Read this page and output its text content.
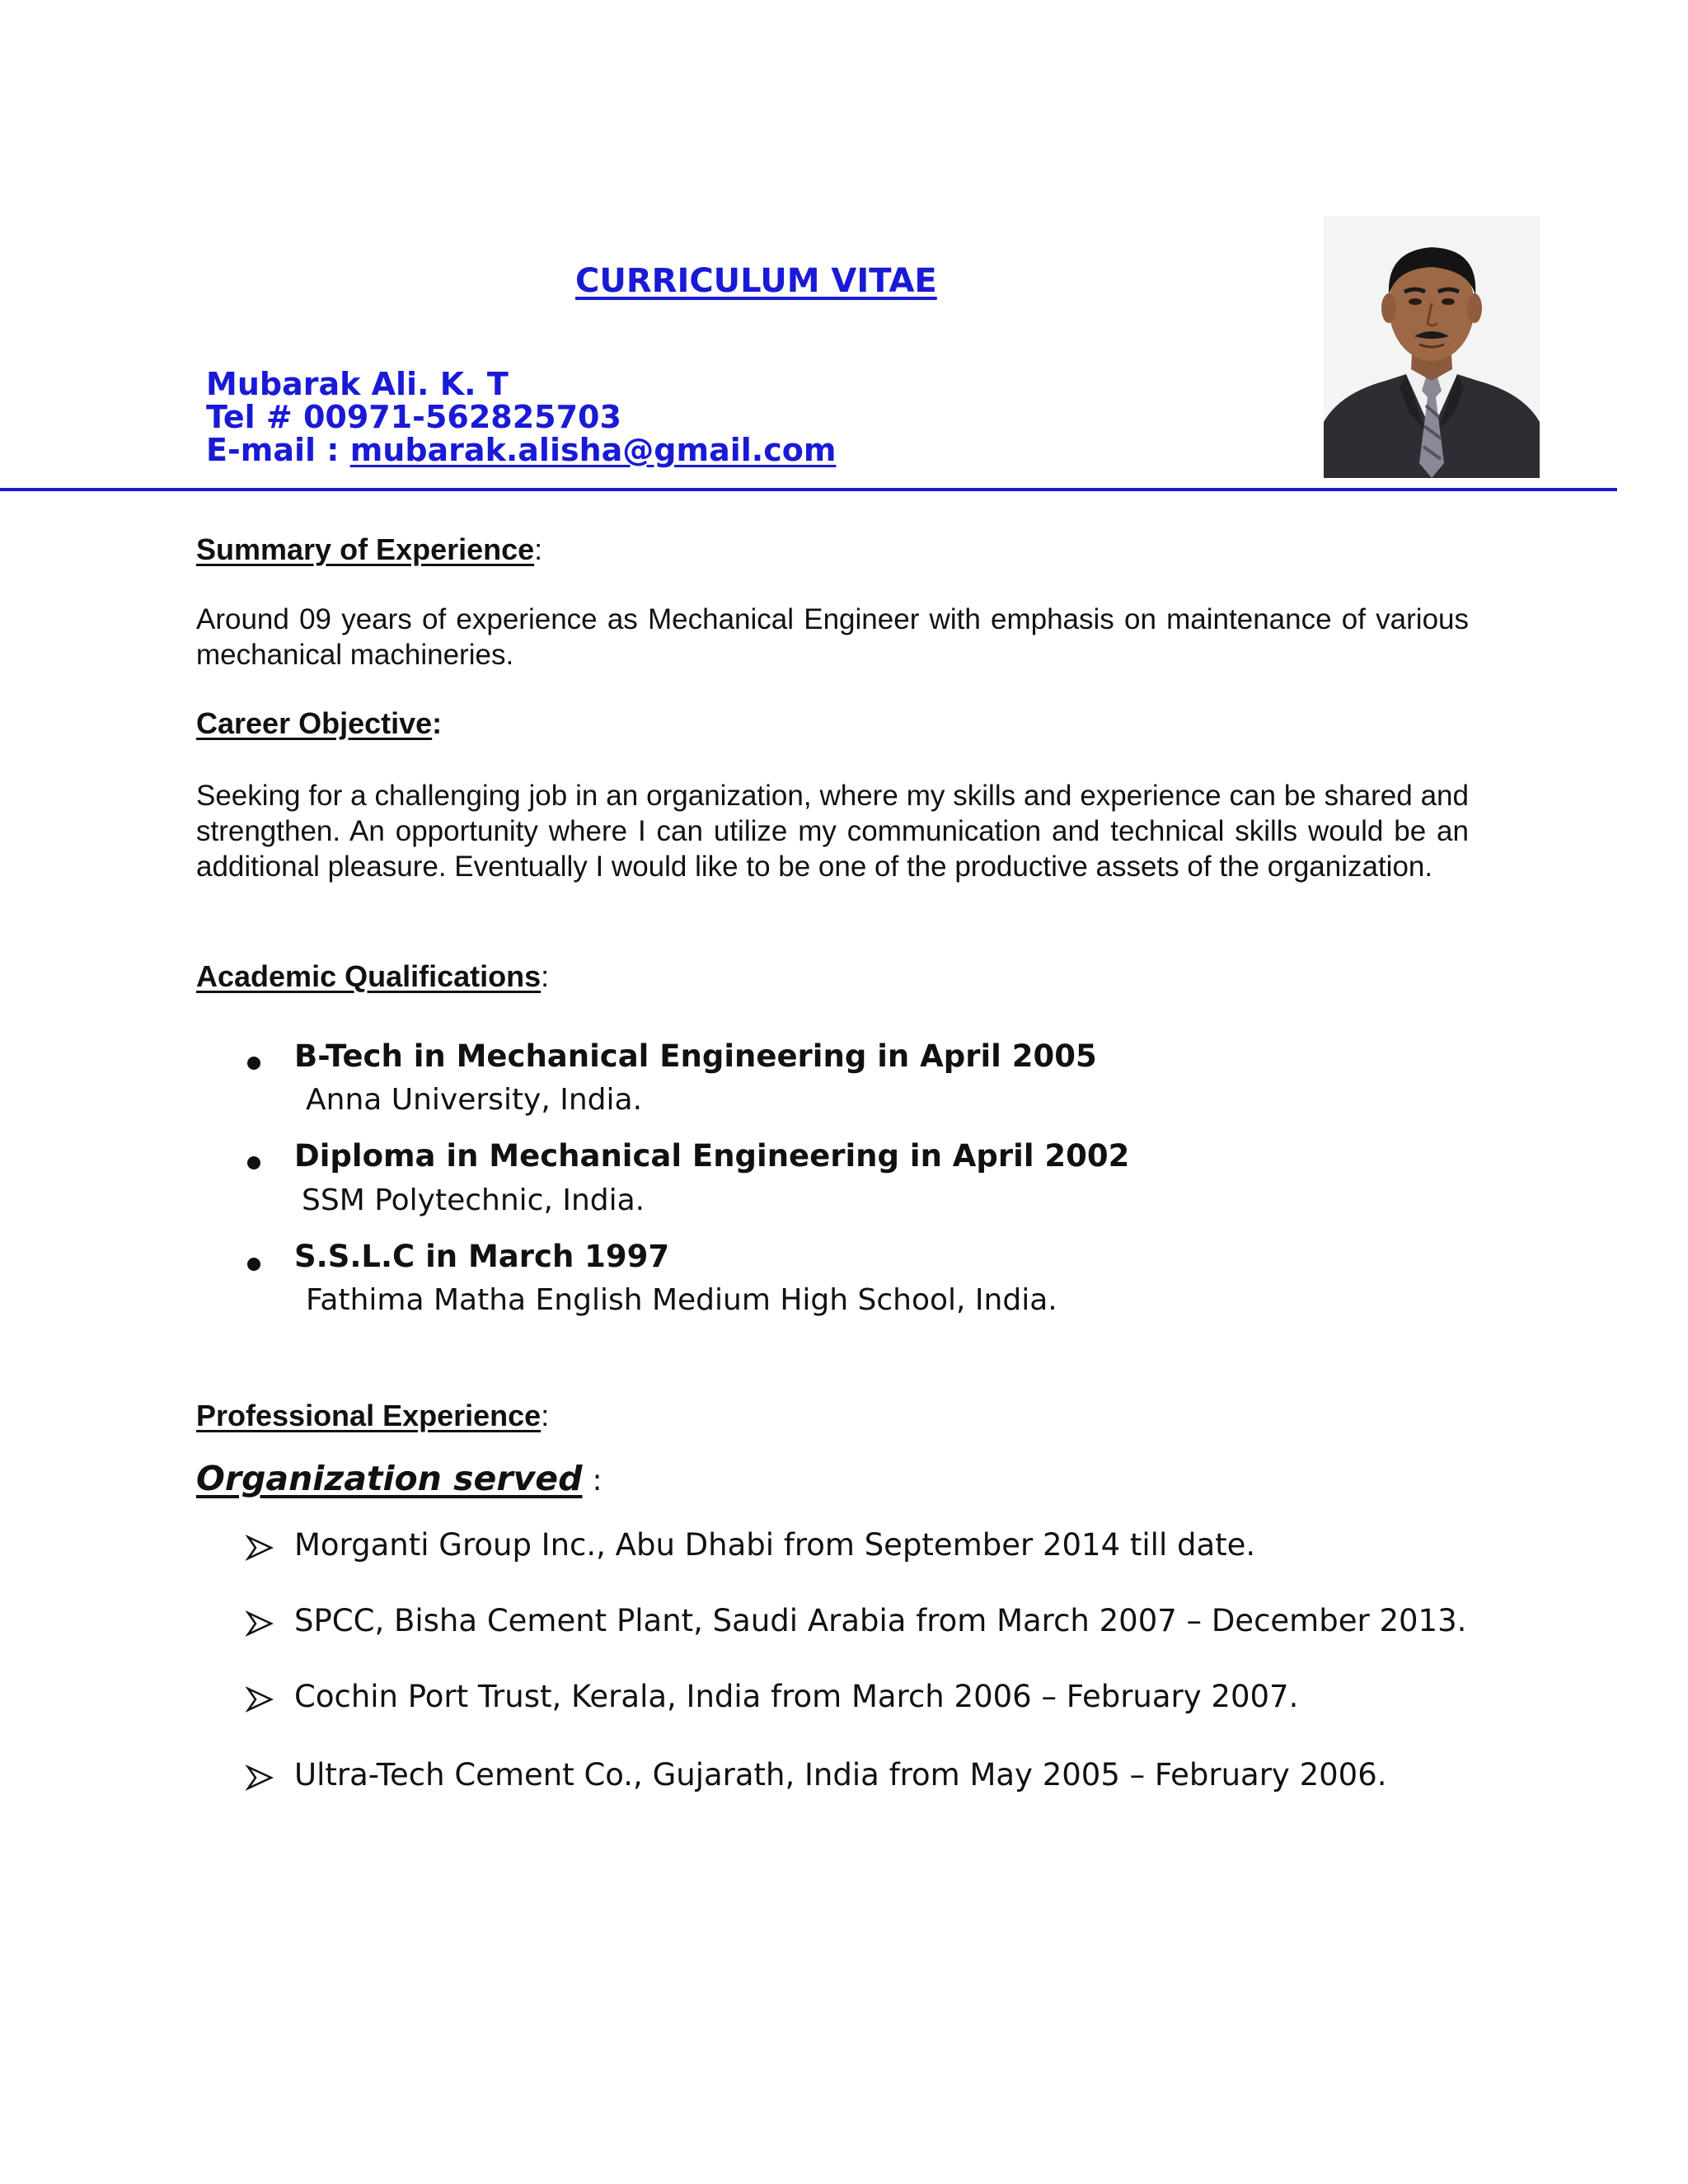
CURRICULUM VITAE
Mubarak Ali. K. T
Tel # 00971-562825703
E-mail : mubarak.alisha@gmail.com
Summary of Experience:
Around 09 years of experience as Mechanical Engineer with emphasis on maintenance of various mechanical machineries.
Career Objective:
Seeking for a challenging job in an organization, where my skills and experience can be shared and strengthen. An opportunity where I can utilize my communication and technical skills would be an additional pleasure. Eventually I would like to be one of the productive assets of the organization.
Academic Qualifications:
B-Tech in Mechanical Engineering in April 2005
Anna University, India.
Diploma in Mechanical Engineering in April 2002
SSM Polytechnic, India.
S.S.L.C in March 1997
Fathima Matha English Medium High School, India.
Professional Experience:
Organization served :
Morganti Group Inc., Abu Dhabi from September 2014 till date.
SPCC, Bisha Cement Plant, Saudi Arabia from March 2007 – December 2013.
Cochin Port Trust, Kerala, India from March 2006 – February 2007.
Ultra-Tech Cement Co., Gujarath, India from May 2005 – February 2006.
